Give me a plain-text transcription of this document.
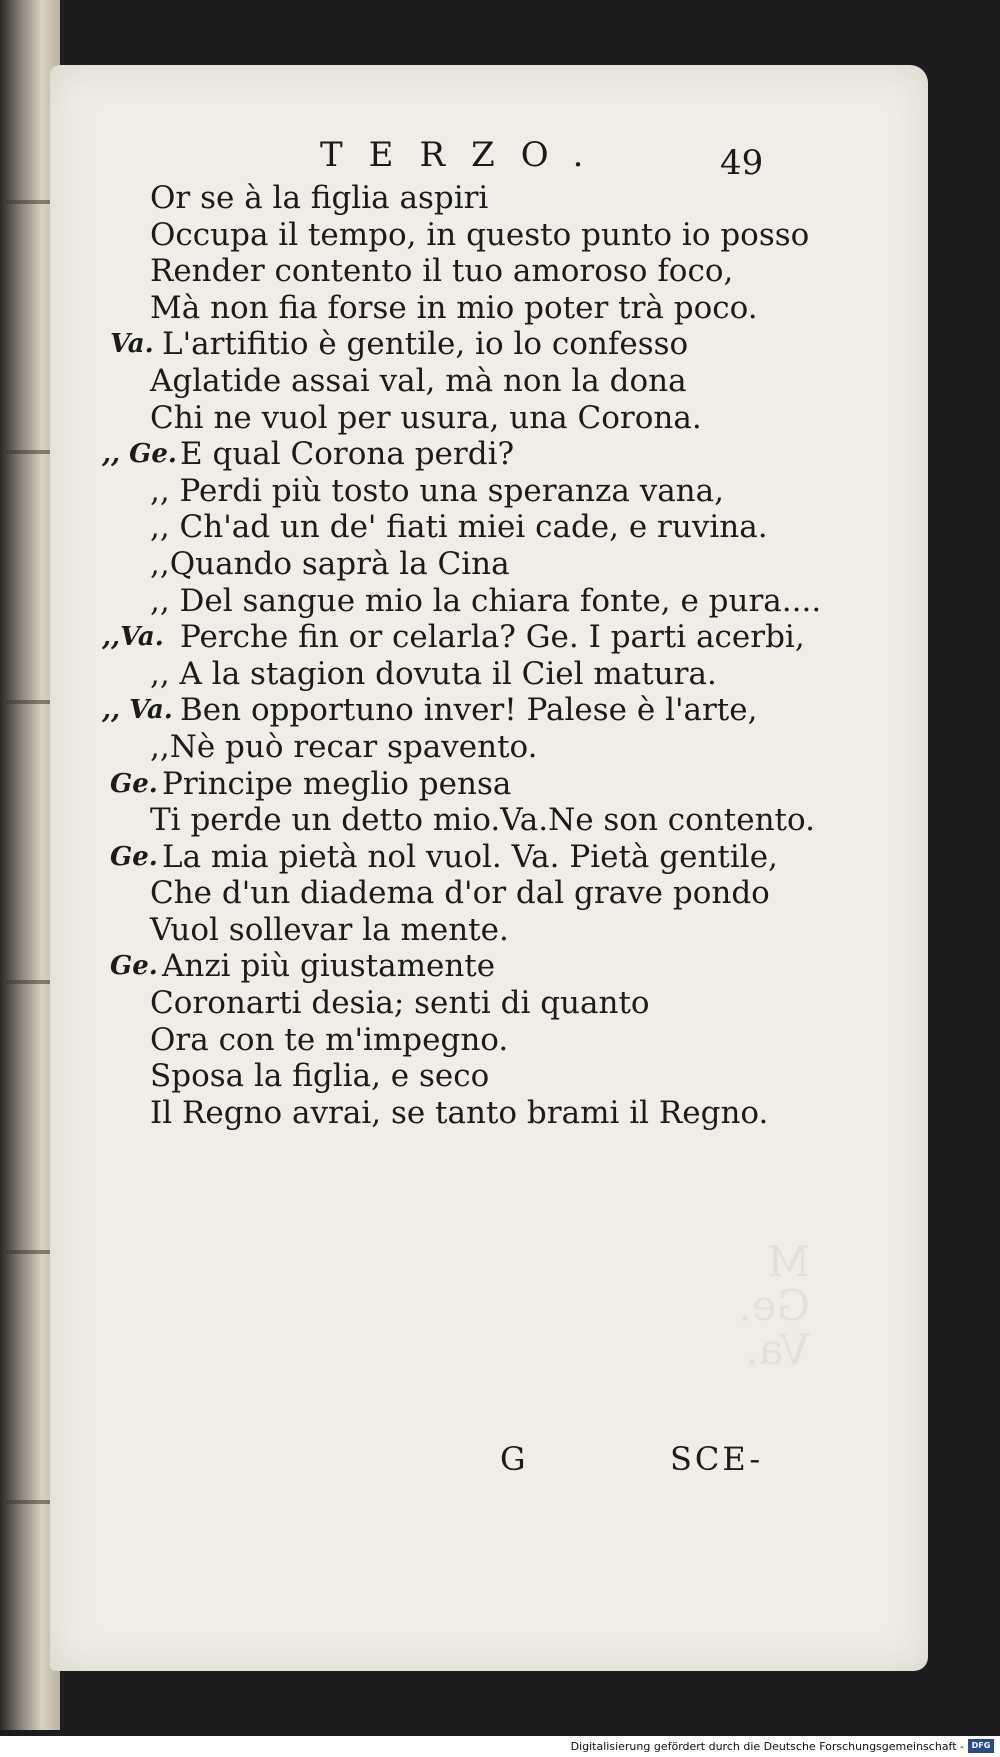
M
Ge.
Va.
TERZO.	49
Or se à la figlia aspiri
Occupa il tempo, in questo punto io posso
Render contento il tuo amoroso foco,
Mà non fia forse in mio poter trà poco.
Va. L'artifitio è gentile, io lo confesso
Aglatide assai val, mà non la dona
Chi ne vuol per usura, una Corona.
,, Ge. E qual Corona perdi?
,, Perdi più tosto una speranza vana,
,, Ch'ad un de' fiati miei cade, e ruvina.
,,Quando saprà la Cina
,, Del sangue mio la chiara fonte, e pura....
,,Va. Perche fin or celarla? Ge. I parti acerbi,
,, A la stagion dovuta il Ciel matura.
,, Va. Ben opportuno inver! Palese è l'arte,
,,Nè può recar spavento.
Ge. Principe meglio pensa
Ti perde un detto mio.Va.Ne son contento.
Ge. La mia pietà nol vuol. Va. Pietà gentile,
Che d'un diadema d'or dal grave pondo
Vuol sollevar la mente.
Ge. Anzi più giustamente
Coronarti desia; senti di quanto
Ora con te m'impegno.
Sposa la figlia, e seco
Il Regno avrai, se tanto brami il Regno.
G	SCE-
Digitalisierung gefördert durch die Deutsche Forschungsgemeinschaft - DFG
